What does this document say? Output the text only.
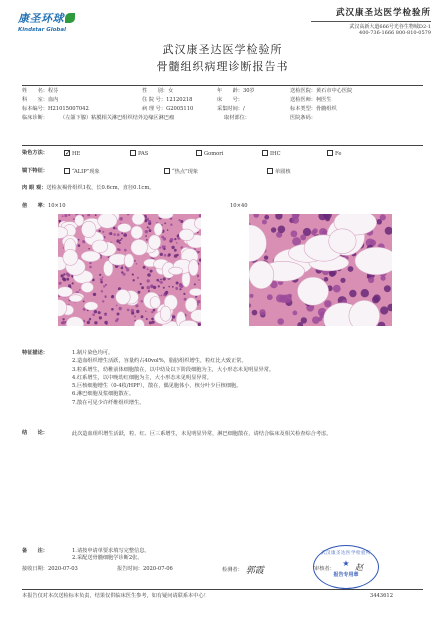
康圣环球
Kindstar Global
武汉康圣达医学检验所
武汉高新大道666号光谷生物城D2-1
400-736-1666 800-810-0579
武汉康圣达医学检验所
骨髓组织病理诊断报告书
姓　　名：程芬	性　　别：女	年　　龄：30岁	送检医院：黄石市中心医院
科　　室：血内	住 院 号：12120218	床　　号：	送检医师：柯医生
标本编号：H21015007042	病 理 号：G2005110	采集时间：/	标本类型：骨髓组织
临床诊断： （左颌下腺）粘膜相关淋巴组织结外边缘区淋巴瘤	取材部位：	医院条码：
染色方法：
✓	HE	PAS	Gomori	IHC	Fe
镜下特征：	“ALIP”现象	“热点”现象	单圆核
肉 眼 观：送检灰褐骨组织1枚，长0.6cm，直径0.1cm。
倍　　率：10×10	10×40
特征描述：	1.制片染色均可。
2.造血组织增生活跃，容量约占40vol%，脂肪组织增生，粒红比大致正常。
3.粒系增生，幼稚前体细胞散在，以中幼及以下阶段细胞为主，大小形态未见明显异常。
4.红系增生，以中晚幼红细胞为主，大小形态未见明显异常。
5.巨核细胞增生（0-4枚/HPF），散在，偶见胞体小、核分叶少巨核细胞。
6.淋巴细胞及浆细胞散在。
7.散在可见少许纤维组织增生。
结　　论：	此次造血组织增生活跃，粒、红、巨三系增生，未见明显异常，淋巴细胞散在，请结合临床及相关检查综合考虑。
备　　注：	1.请按申请单要求填写完整信息。
2.采配送骨髓细胞学诊断2张。
接收日期：2020-07-03	报告时间：2020-07-06	检测者： 郭霞	审核者：	赵
武汉康圣达医学检验所
★
报告专用章
本报告仅对本次送检标本负责，结果仅供临床医生参考，如有疑问请联系本中心！	3443612
